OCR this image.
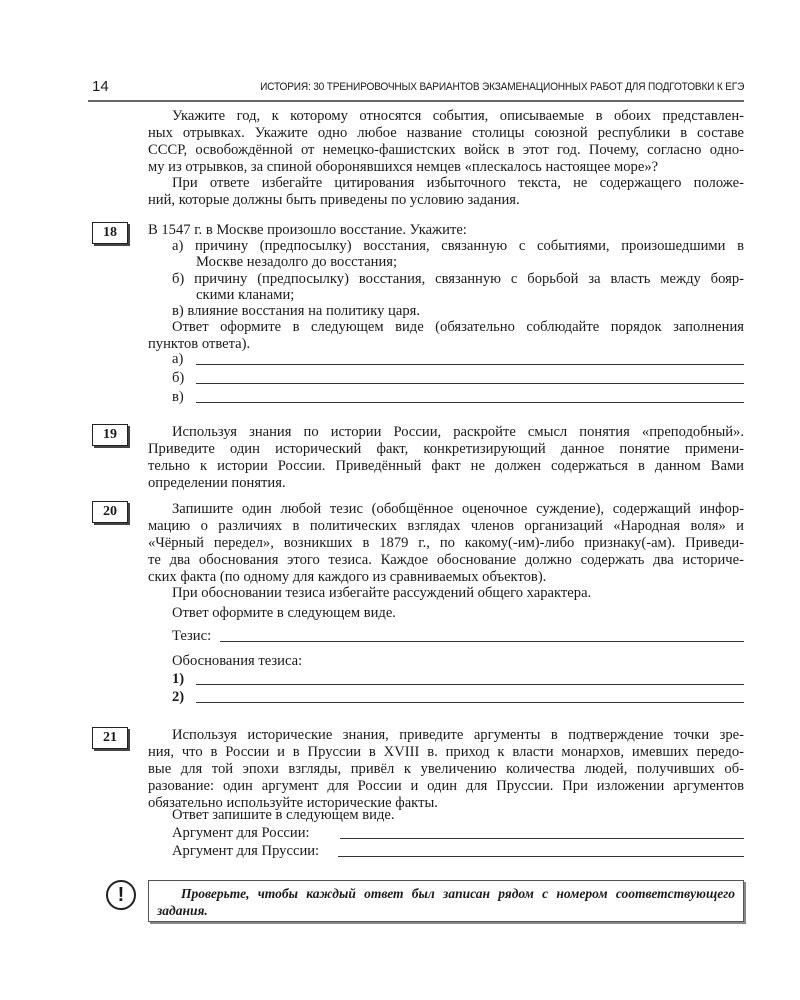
14	ИСТОРИЯ: 30 ТРЕНИРОВОЧНЫХ ВАРИАНТОВ ЭКЗАМЕНАЦИОННЫХ РАБОТ ДЛЯ ПОДГОТОВКИ К ЕГЭ
Укажите год, к которому относятся события, описываемые в обоих представлен-
ных отрывках. Укажите одно любое название столицы союзной республики в составе
СССР, освобождённой от немецко-фашистских войск в этот год. Почему, согласно одно-
му из отрывков, за спиной оборонявшихся немцев «плескалось настоящее море»?
При ответе избегайте цитирования избыточного текста, не содержащего положе-
ний, которые должны быть приведены по условию задания.
18	В 1547 г. в Москве произошло восстание. Укажите:
а) причину (предпосылку) восстания, связанную с событиями, произошедшими в
Москве незадолго до восстания;
б) причину (предпосылку) восстания, связанную с борьбой за власть между бояр-
скими кланами;
в) влияние восстания на политику царя.
Ответ оформите в следующем виде (обязательно соблюдайте порядок заполнения
пунктов ответа).
а)
б)
в)
19	Используя знания по истории России, раскройте смысл понятия «преподобный».
Приведите один исторический факт, конкретизирующий данное понятие примени-
тельно к истории России. Приведённый факт не должен содержаться в данном Вами
определении понятия.
20	Запишите один любой тезис (обобщённое оценочное суждение), содержащий инфор-
мацию о различиях в политических взглядах членов организаций «Народная воля» и
«Чёрный передел», возникших в 1879 г., по какому(-им)-либо признаку(-ам). Приведи-
те два обоснования этого тезиса. Каждое обоснование должно содержать два историче-
ских факта (по одному для каждого из сравниваемых объектов).
При обосновании тезиса избегайте рассуждений общего характера.
Ответ оформите в следующем виде.
Тезис:
Обоснования тезиса:
1)
2)
21	Используя исторические знания, приведите аргументы в подтверждение точки зре-
ния, что в России и в Пруссии в XVIII в. приход к власти монархов, имевших передо-
вые для той эпохи взгляды, привёл к увеличению количества людей, получивших об-
разование: один аргумент для России и один для Пруссии. При изложении аргументов
обязательно используйте исторические факты.
Ответ запишите в следующем виде.
Аргумент для России:
Аргумент для Пруссии:
!	Проверьте, чтобы каждый ответ был записан рядом с номером соответствующего
задания.
